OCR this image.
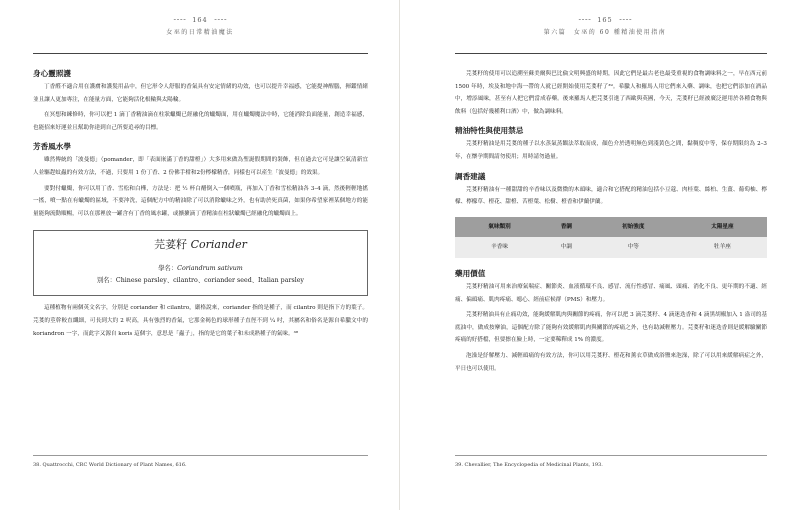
⁃⁃⁃⁃ 164 ⁃⁃⁃⁃
女巫的日常精油魔法
身心靈照護

丁香醛不適合用在護膚和護髮用品中，但它形令人舒服的香氣具有安定情緒的功效，也可以提升幸福感，它能提神醒腦，揮鑑情緒並且讓人更加專注，在能量方面，它能夠活化根輪與太陽輪。

在冥想和練修時，你可以把 1 滴丁香精油滴在柱狀蠟燭已經融化的蠟燭面，用在蠟燭魔法中時，它能消除負面能量，創造幸福感，也能招來好運並且幫助你達到自己所要追尋的目標。

芳香風水學

雖然傳統的「波曼德」（pomander，即「表面嵌滿丁香的甜橙」）大多用來做為聖誕假期間的裝飾，但在過去它可是讓空氣清新宜人並驅趕蚊蟲的有效方法，不過，只要用 1 份丁香、2 份佛手柑和2份檸檬精香，同樣也可以產生「波曼德」的效果。

要對付蠟燭，你可以用丁香、雪松和白樺，方法是：把 ½ 杯白醋倒入一個噴瓶，再加入丁香和雪松精油各 3–4 滴，然後輕輕地搖一搖，噴一點在有蠟燭的區域，不要沖洗，這個配方中的精油除了可以消除蠟味之外，也有助於死真菌，如果你希望家裡某個地方的能量能夠流動順暢，可以在那裡放一罐含有丁香的風水罐，或擴擴滴丁香精油在柱狀蠟燭已經融化的蠟燭面上。

芫荽籽 Coriander
學名：Coriandrum sativum
別名：Chinese parsley、cilantro、coriander seed、Italian parsley

這種植物有兩個英文名字，分別是 coriander 和 cilantro，嚴格說來，coriander 指的是種子，而 cilantro 則是指下方的葉子。芫荽的莖幹較直纖細，可長到大約 2 呎高，具有強烈的香氣，它那金褐色的球形種子直徑不到 ¼ 吋，其屬名和俗名是源自希臘文中的 koriandron 一字，而此字又源自 koris 這個字，意思是「蟲子」，指的是它的葉子和未成熟種子的氣味。³⁸

38. Quattrocchi, CRC World Dictionary of Plant Names, 616.
⁃⁃⁃⁃ 165 ⁃⁃⁃⁃
第六篇　女巫的 60 種精油使用指南

芫荽籽的使用可以追溯至蘇美爾與巴比倫文明興盛的時期，因此它們是最古老也最受重視的食物調味料之一，早在西元前 1500 年時，埃及和地中海一帶的人就已經開始使用芫荽籽了³⁹。希臘人和羅馬人用它們來入藥、調味，也把它們添加在酒品中，增添風味，甚至有人把它們當成春藥。後來羅馬人把芫荽引進了西歐與英國，今天，芫荽籽已經被廣泛運用於各種食物與飲料（包括好幾種利口酒）中，做為調味料。

精油特性與使用禁忌

芫荽籽精油是用芫荽的種子以水蒸氣蒸餾法萃取而成，顏色介於透明無色到淺黃色之間，黏稠度中等，保存期限約為 2–3 年，在懷孕期間請勿使用；用時請勿過量。

調香建議

芫荽籽精油有一種甜甜的辛香味以及微微的木頭味，適合和它搭配的精油包括小豆蔻、肉桂葉、絲柏、生薑、葡萄柚、檸檬、檸檬草、橙花、甜橙、苦橙葉、松樹、橙香和伊蘭伊蘭。

氣味類別	香調	初始強度	太陽星座
辛香味	中調	中等	牡羊座
藥用價值

芫荽籽精油可用來治療氣喘症、關節炎、血液循環不良、感冒、流行性感冒、痛風、頭痛、消化不良、更年期的不適、經痛、偏頭痛、肌肉疼痛、噁心、經前症候群（PMS）和壓力。

芫荽籽精油具有止痛功效，能夠緩解肌肉與關節的疼痛，你可以把 3 滴芫荽籽、4 滴迷迭香和 4 滴黑胡椒加入 1 盎司的基底油中，做成按摩油，這個配方除了能夠有效緩解肌肉與關節的疼痛之外，也有助減輕壓力。芫荽籽和迷迭香則是緩解驗關節疼痛的好搭檔，但要擦在臉上時，一定要稀釋成 1% 的濃度。

泡澡是紓解壓力、減輕頭痛的有效方法，你可以用芫荽籽、橙花和薰衣草做成浴鹽來泡澡，除了可以用來緩解病症之外，平日也可以使用。

39. Chevallier, The Encyclopedia of Medicinal Plants, 193.
